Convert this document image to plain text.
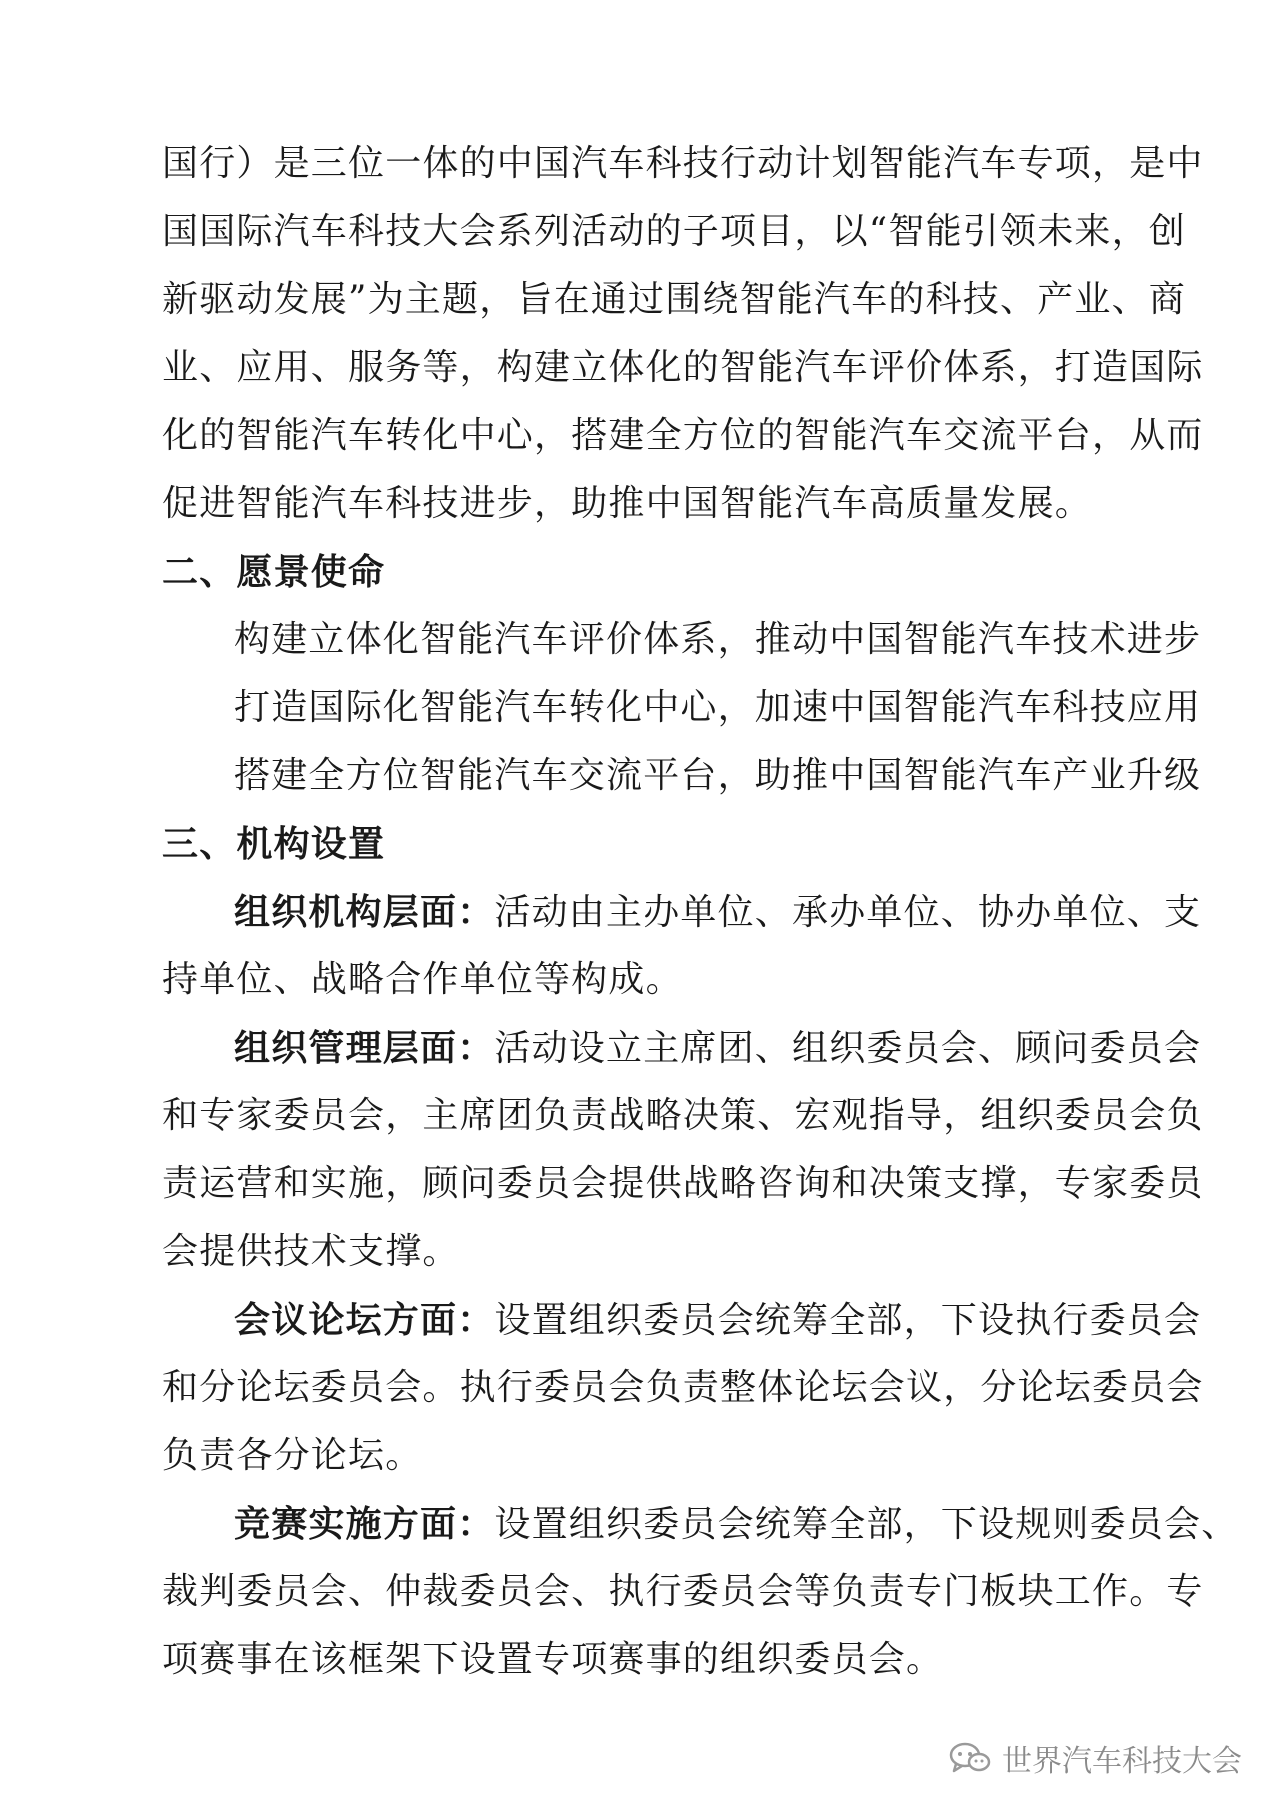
国行）是三位一体的中国汽车科技行动计划智能汽车专项，是中
国国际汽车科技大会系列活动的子项目，以“智能引领未来，创
新驱动发展”为主题，旨在通过围绕智能汽车的科技、产业、商
业、应用、服务等，构建立体化的智能汽车评价体系，打造国际
化的智能汽车转化中心，搭建全方位的智能汽车交流平台，从而
促进智能汽车科技进步，助推中国智能汽车高质量发展。
二、愿景使命
构建立体化智能汽车评价体系，推动中国智能汽车技术进步
打造国际化智能汽车转化中心，加速中国智能汽车科技应用
搭建全方位智能汽车交流平台，助推中国智能汽车产业升级
三、机构设置
组织机构层面：活动由主办单位、承办单位、协办单位、支
持单位、战略合作单位等构成。
组织管理层面：活动设立主席团、组织委员会、顾问委员会
和专家委员会，主席团负责战略决策、宏观指导，组织委员会负
责运营和实施，顾问委员会提供战略咨询和决策支撑，专家委员
会提供技术支撑。
会议论坛方面：设置组织委员会统筹全部，下设执行委员会
和分论坛委员会。执行委员会负责整体论坛会议，分论坛委员会
负责各分论坛。
竞赛实施方面：设置组织委员会统筹全部，下设规则委员会、
裁判委员会、仲裁委员会、执行委员会等负责专门板块工作。专
项赛事在该框架下设置专项赛事的组织委员会。
世界汽车科技大会
